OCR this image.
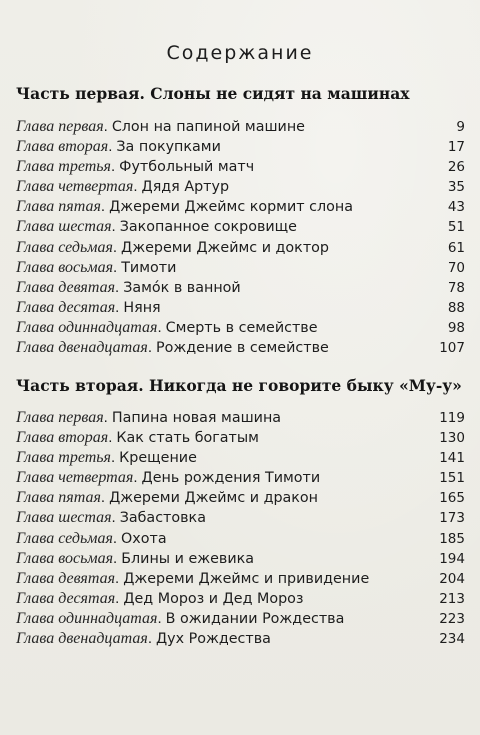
Содержание
Часть первая. Слоны не сидят на машинах
Глава первая . Слон на папиной машине	9
Глава вторая . За покупками	17
Глава третья . Футбольный матч	26
Глава четвертая . Дядя Артур	35
Глава пятая . Джереми Джеймс кормит слона	43
Глава шестая . Закопанное сокровище	51
Глава седьмая . Джереми Джеймс и доктор	61
Глава восьмая . Тимоти	70
Глава девятая . Замóк в ванной	78
Глава десятая . Няня	88
Глава одиннадцатая . Смерть в семействе	98
Глава двенадцатая . Рождение в семействе	107
Часть вторая. Никогда не говорите быку «Му-у»
Глава первая . Папина новая машина	119
Глава вторая . Как стать богатым	130
Глава третья . Крещение	141
Глава четвертая . День рождения Тимоти	151
Глава пятая . Джереми Джеймс и дракон	165
Глава шестая . Забастовка	173
Глава седьмая . Охота	185
Глава восьмая . Блины и ежевика	194
Глава девятая . Джереми Джеймс и привидение	204
Глава десятая . Дед Мороз и Дед Мороз	213
Глава одиннадцатая . В ожидании Рождества	223
Глава двенадцатая . Дух Рождества	234
